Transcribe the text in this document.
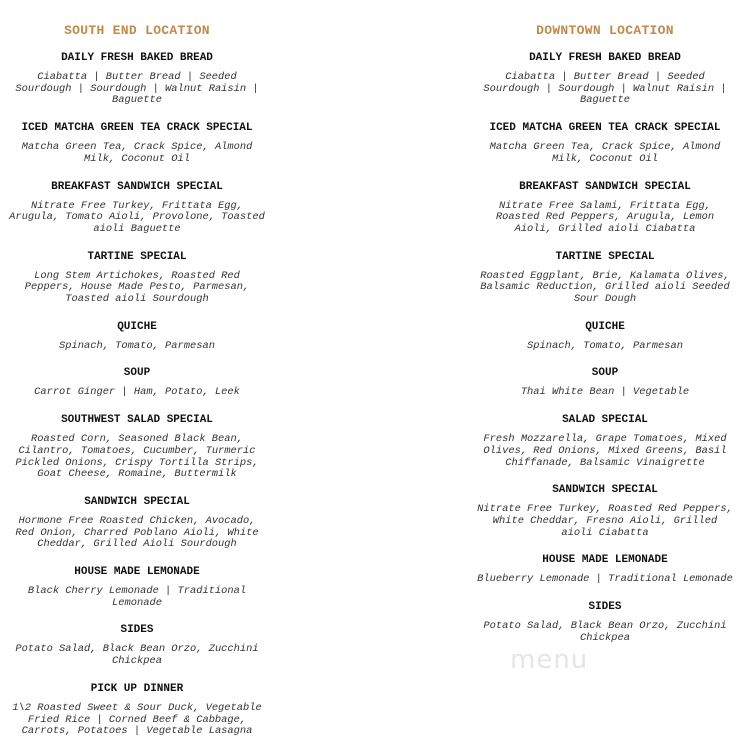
SOUTH END LOCATION
DAILY FRESH BAKED BREAD
Ciabatta | Butter Bread | Seeded Sourdough | Sourdough | Walnut Raisin | Baguette
ICED MATCHA GREEN TEA CRACK SPECIAL
Matcha Green Tea, Crack Spice, Almond Milk, Coconut Oil
BREAKFAST SANDWICH SPECIAL
Nitrate Free Turkey, Frittata Egg, Arugula, Tomato Aioli, Provolone, Toasted aioli Baguette
TARTINE SPECIAL
Long Stem Artichokes, Roasted Red Peppers, House Made Pesto, Parmesan, Toasted aioli Sourdough
QUICHE
Spinach, Tomato, Parmesan
SOUP
Carrot Ginger | Ham, Potato, Leek
SOUTHWEST SALAD SPECIAL
Roasted Corn, Seasoned Black Bean, Cilantro, Tomatoes, Cucumber, Turmeric Pickled Onions, Crispy Tortilla Strips, Goat Cheese, Romaine, Buttermilk
SANDWICH SPECIAL
Hormone Free Roasted Chicken, Avocado, Red Onion, Charred Poblano Aioli, White Cheddar, Grilled Aioli Sourdough
HOUSE MADE LEMONADE
Black Cherry Lemonade | Traditional Lemonade
SIDES
Potato Salad, Black Bean Orzo, Zucchini Chickpea
PICK UP DINNER
1\2 Roasted Sweet & Sour Duck, Vegetable Fried Rice | Corned Beef & Cabbage, Carrots, Potatoes | Vegetable Lasagna
DOWNTOWN LOCATION
DAILY FRESH BAKED BREAD
Ciabatta | Butter Bread | Seeded Sourdough | Sourdough | Walnut Raisin | Baguette
ICED MATCHA GREEN TEA CRACK SPECIAL
Matcha Green Tea, Crack Spice, Almond Milk, Coconut Oil
BREAKFAST SANDWICH SPECIAL
Nitrate Free Salami, Frittata Egg, Roasted Red Peppers, Arugula, Lemon Aioli, Grilled aioli Ciabatta
TARTINE SPECIAL
Roasted Eggplant, Brie, Kalamata Olives, Balsamic Reduction, Grilled aioli Seeded Sour Dough
QUICHE
Spinach, Tomato, Parmesan
SOUP
Thai White Bean | Vegetable
SALAD SPECIAL
Fresh Mozzarella, Grape Tomatoes, Mixed Olives, Red Onions, Mixed Greens, Basil Chiffanade, Balsamic Vinaigrette
SANDWICH SPECIAL
Nitrate Free Turkey, Roasted Red Peppers, White Cheddar, Fresno Aioli, Grilled aioli Ciabatta
HOUSE MADE LEMONADE
Blueberry Lemonade | Traditional Lemonade
SIDES
Potato Salad, Black Bean Orzo, Zucchini Chickpea
menu
